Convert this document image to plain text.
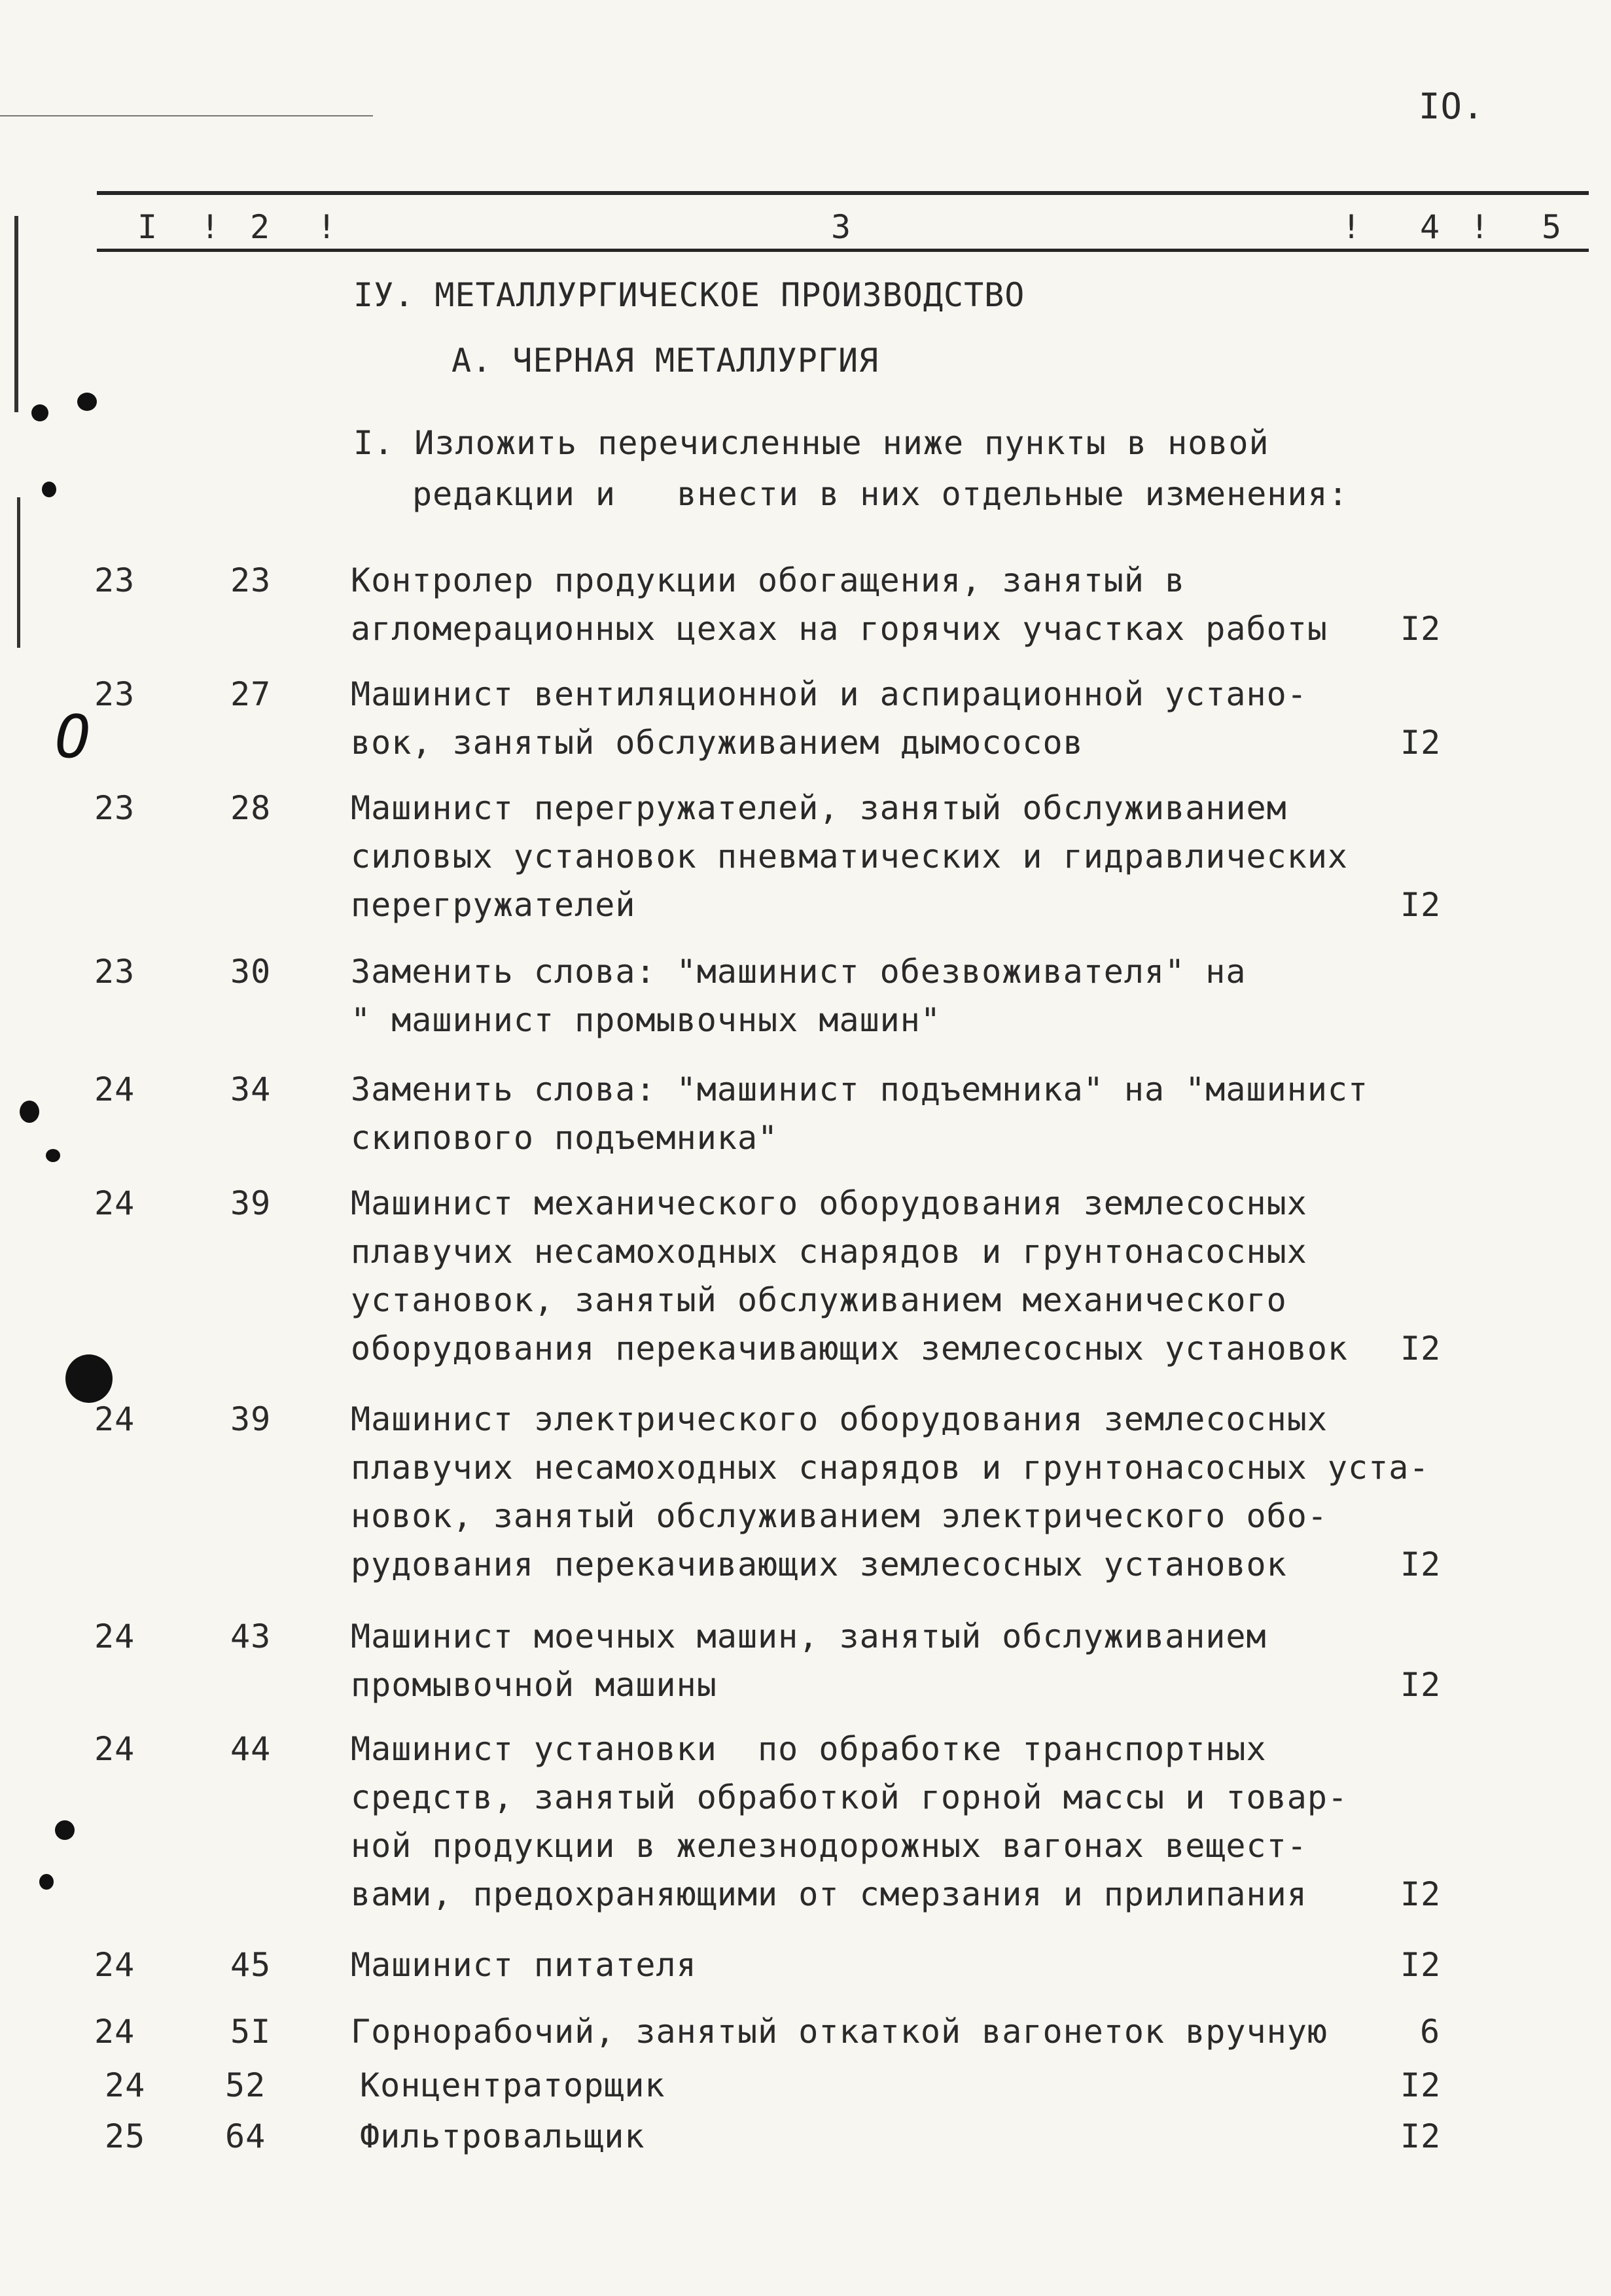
IO.
I ! 2 !	3	! 4 ! 5
IУ. МЕТАЛЛУРГИЧЕСКОЕ ПРОИЗВОДСТВО
А. ЧЕРНАЯ МЕТАЛЛУРГИЯ
I. Изложить перечисленные ниже пункты в новой
редакции и   внести в них отдельные изменения:
23	23 Контролер продукции обогащения, занятый в
агломерационных цехах на горячих участках работы I2
23	27 Машинист вентиляционной и аспирационной устано-
вок, занятый обслуживанием дымососов	I2
23	28 Машинист перегружателей, занятый обслуживанием
силовых установок пневматических и гидравлических
перегружателей	I2
23	30 Заменить слова: "машинист обезвоживателя" на
" машинист промывочных машин"
24	34 Заменить слова: "машинист подъемника" на "машинист
скипового подъемника"
24	39 Машинист механического оборудования землесосных
плавучих несамоходных снарядов и грунтонасосных
установок, занятый обслуживанием механического
оборудования перекачивающих землесосных установок I2
24	39 Машинист электрического оборудования землесосных
плавучих несамоходных снарядов и грунтонасосных уста-
новок, занятый обслуживанием электрического обо-
рудования перекачивающих землесосных установок	I2
24	43 Машинист моечных машин, занятый обслуживанием
промывочной машины	I2
24	44 Машинист установки  по обработке транспортных
средств, занятый обработкой горной массы и товар-
ной продукции в железнодорожных вагонах вещест-
вами, предохраняющими от смерзания и прилипания	I2
24	45 Машинист питателя	I2
24	5I Горнорабочий, занятый откаткой вагонеток вручную	6
24 52	Концентраторщик	I2
25 64	Фильтровальщик	I2
O
